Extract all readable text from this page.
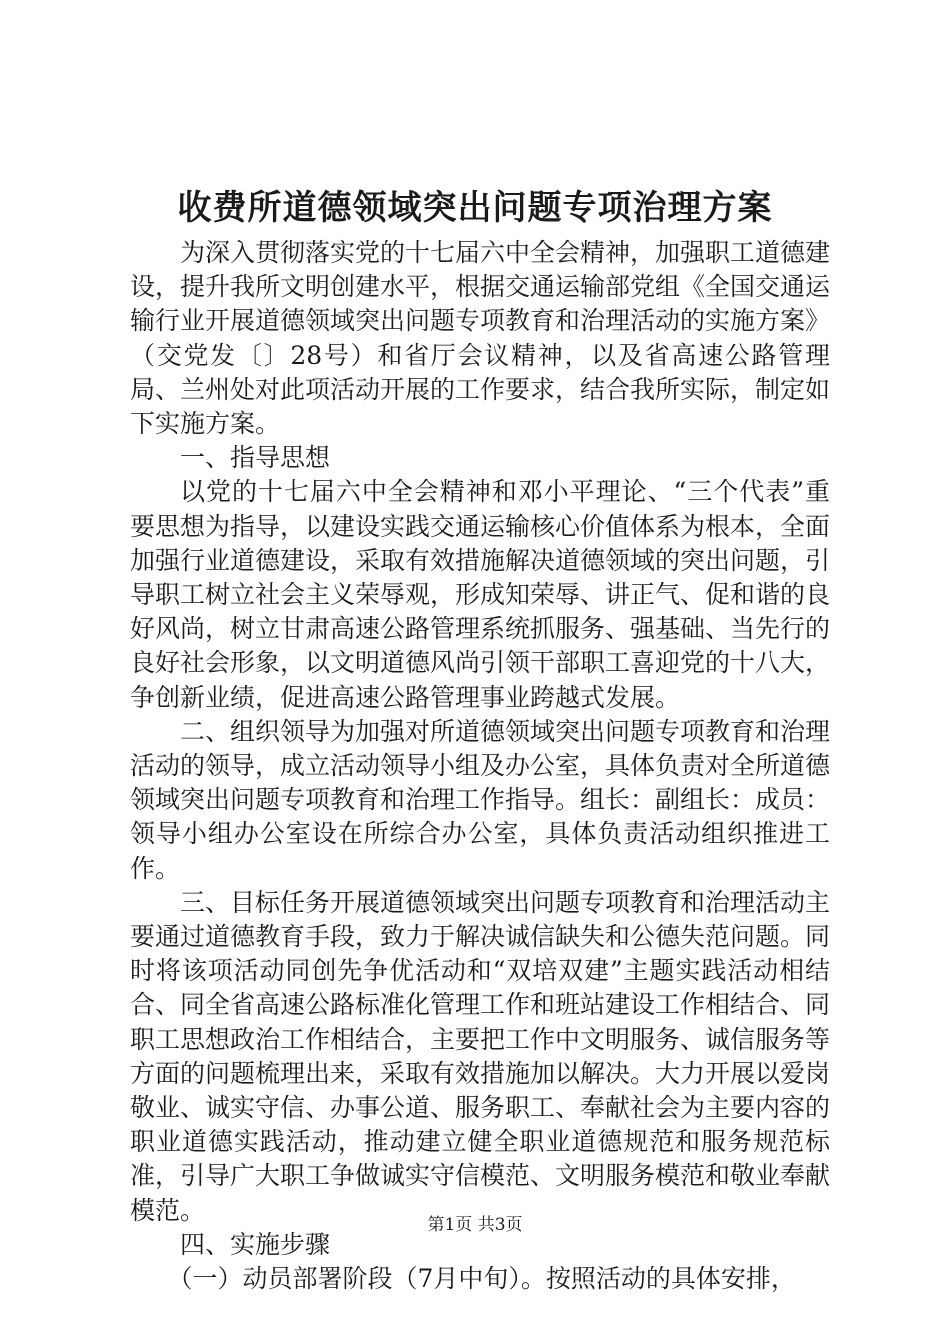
收费所道德领域突出问题专项治理方案

为深入贯彻落实党的十七届六中全会精神，加强职工道德建设，提升我所文明创建水平，根据交通运输部党组《全国交通运输行业开展道德领域突出问题专项教育和治理活动的实施方案》（交党发〔〕28号）和省厅会议精神，以及省高速公路管理局、兰州处对此项活动开展的工作要求，结合我所实际，制定如下实施方案。

一、指导思想

以党的十七届六中全会精神和邓小平理论、“三个代表”重要思想为指导，以建设实践交通运输核心价值体系为根本，全面加强行业道德建设，采取有效措施解决道德领域的突出问题，引导职工树立社会主义荣辱观，形成知荣辱、讲正气、促和谐的良好风尚，树立甘肃高速公路管理系统抓服务、强基础、当先行的良好社会形象，以文明道德风尚引领干部职工喜迎党的十八大，争创新业绩，促进高速公路管理事业跨越式发展。

二、组织领导为加强对所道德领域突出问题专项教育和治理活动的领导，成立活动领导小组及办公室，具体负责对全所道德领域突出问题专项教育和治理工作指导。组长：副组长：成员：领导小组办公室设在所综合办公室，具体负责活动组织推进工作。

三、目标任务开展道德领域突出问题专项教育和治理活动主要通过道德教育手段，致力于解决诚信缺失和公德失范问题。同时将该项活动同创先争优活动和“双培双建”主题实践活动相结合、同全省高速公路标准化管理工作和班站建设工作相结合、同职工思想政治工作相结合，主要把工作中文明服务、诚信服务等方面的问题梳理出来，采取有效措施加以解决。大力开展以爱岗敬业、诚实守信、办事公道、服务职工、奉献社会为主要内容的职业道德实践活动，推动建立健全职业道德规范和服务规范标准，引导广大职工争做诚实守信模范、文明服务模范和敬业奉献模范。

四、实施步骤

（一）动员部署阶段（7月中旬）。按照活动的具体安排，

第1页 共3页
